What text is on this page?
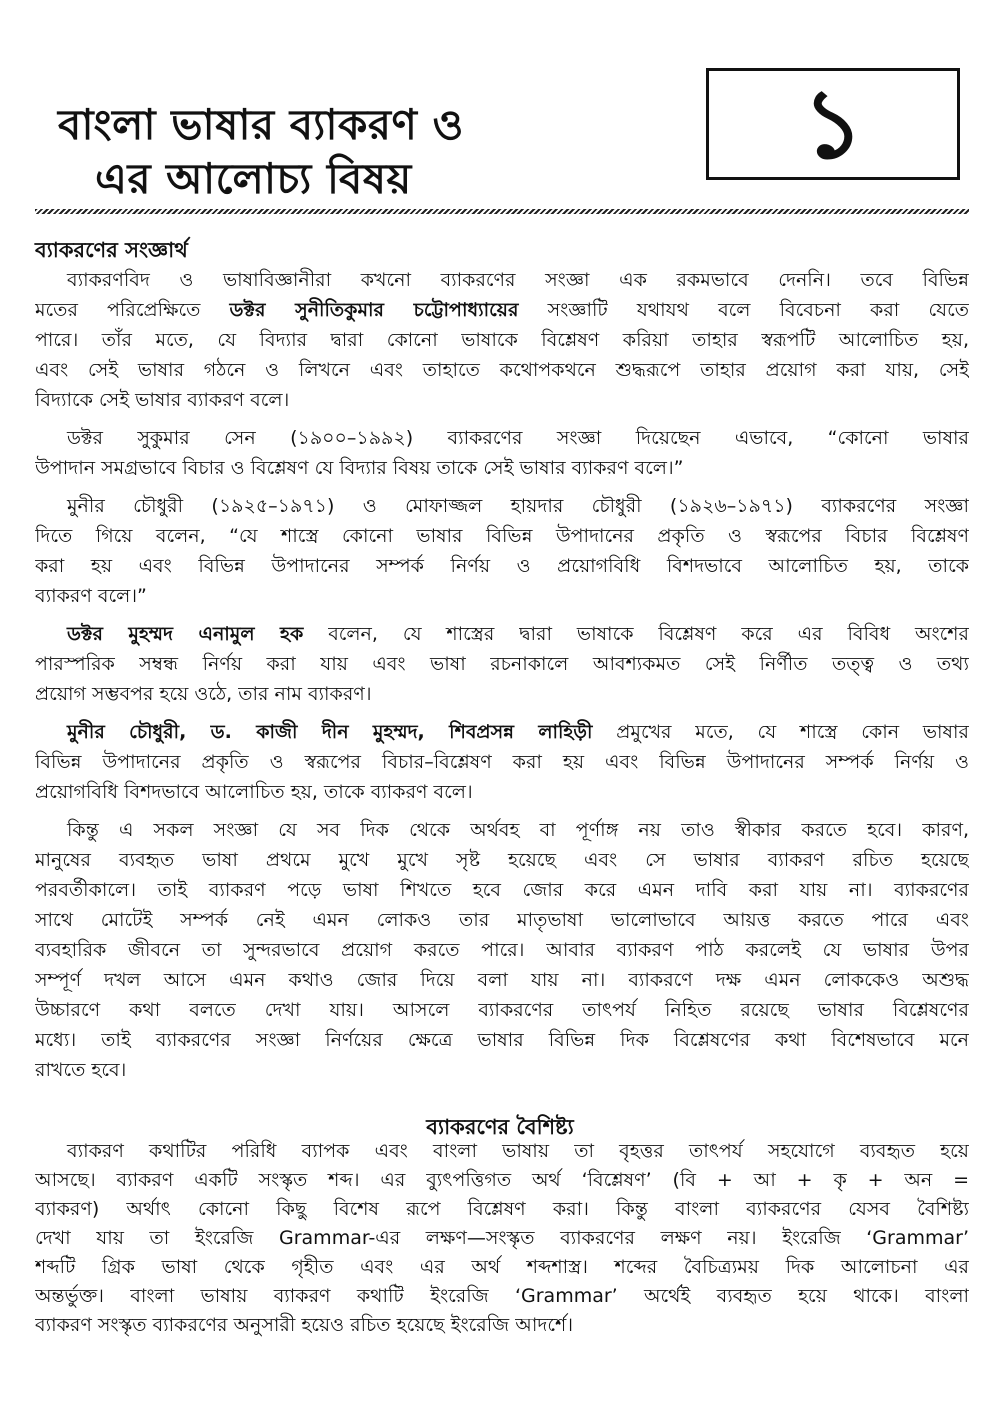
বাংলা ভাষার ব্যাকরণ ও
এর আলোচ্য বিষয়	১
ব্যাকরণের সংজ্ঞার্থ
ব্যাকরণবিদ ও ভাষাবিজ্ঞানীরা কখনো ব্যাকরণের সংজ্ঞা এক রকমভাবে দেননি। তবে বিভিন্ন
মতের পরিপ্রেক্ষিতে ডক্টর সুনীতিকুমার চট্টোপাধ্যায়ের সংজ্ঞাটি যথাযথ বলে বিবেচনা করা যেতে
পারে। তাঁর মতে, যে বিদ্যার দ্বারা কোনো ভাষাকে বিশ্লেষণ করিয়া তাহার স্বরূপটি আলোচিত হয়,
এবং সেই ভাষার গঠনে ও লিখনে এবং তাহাতে কথোপকথনে শুদ্ধরূপে তাহার প্রয়োগ করা যায়, সেই
বিদ্যাকে সেই ভাষার ব্যাকরণ বলে।
ডক্টর সুকুমার সেন (১৯০০–১৯৯২) ব্যাকরণের সংজ্ঞা দিয়েছেন এভাবে, “কোনো ভাষার
উপাদান সমগ্রভাবে বিচার ও বিশ্লেষণ যে বিদ্যার বিষয় তাকে সেই ভাষার ব্যাকরণ বলে।”
মুনীর চৌধুরী (১৯২৫–১৯৭১) ও মোফাজ্জল হায়দার চৌধুরী (১৯২৬–১৯৭১) ব্যাকরণের সংজ্ঞা
দিতে গিয়ে বলেন, “যে শাস্ত্রে কোনো ভাষার বিভিন্ন উপাদানের প্রকৃতি ও স্বরূপের বিচার বিশ্লেষণ
করা হয় এবং বিভিন্ন উপাদানের সম্পর্ক নির্ণয় ও প্রয়োগবিধি বিশদভাবে আলোচিত হয়, তাকে
ব্যাকরণ বলে।”
ডক্টর মুহম্মদ এনামুল হক বলেন, যে শাস্ত্রের দ্বারা ভাষাকে বিশ্লেষণ করে এর বিবিধ অংশের
পারস্পরিক সম্বন্ধ নির্ণয় করা যায় এবং ভাষা রচনাকালে আবশ্যকমত সেই নির্ণীত তত্ত্ব ও তথ্য
প্রয়োগ সম্ভবপর হয়ে ওঠে, তার নাম ব্যাকরণ।
মুনীর চৌধুরী, ড. কাজী দীন মুহম্মদ, শিবপ্রসন্ন লাহিড়ী প্রমুখের মতে, যে শাস্ত্রে কোন ভাষার
বিভিন্ন উপাদানের প্রকৃতি ও স্বরূপের বিচার–বিশ্লেষণ করা হয় এবং বিভিন্ন উপাদানের সম্পর্ক নির্ণয় ও
প্রয়োগবিধি বিশদভাবে আলোচিত হয়, তাকে ব্যাকরণ বলে।
কিন্তু এ সকল সংজ্ঞা যে সব দিক থেকে অর্থবহ বা পূর্ণাঙ্গ নয় তাও স্বীকার করতে হবে। কারণ,
মানুষের ব্যবহৃত ভাষা প্রথমে মুখে মুখে সৃষ্ট হয়েছে এবং সে ভাষার ব্যাকরণ রচিত হয়েছে
পরবর্তীকালে। তাই ব্যাকরণ পড়ে ভাষা শিখতে হবে জোর করে এমন দাবি করা যায় না। ব্যাকরণের
সাথে মোটেই সম্পর্ক নেই এমন লোকও তার মাতৃভাষা ভালোভাবে আয়ত্ত করতে পারে এবং
ব্যবহারিক জীবনে তা সুন্দরভাবে প্রয়োগ করতে পারে। আবার ব্যাকরণ পাঠ করলেই যে ভাষার উপর
সম্পূর্ণ দখল আসে এমন কথাও জোর দিয়ে বলা যায় না। ব্যাকরণে দক্ষ এমন লোককেও অশুদ্ধ
উচ্চারণে কথা বলতে দেখা যায়। আসলে ব্যাকরণের তাৎপর্য নিহিত রয়েছে ভাষার বিশ্লেষণের
মধ্যে। তাই ব্যাকরণের সংজ্ঞা নির্ণয়ের ক্ষেত্রে ভাষার বিভিন্ন দিক বিশ্লেষণের কথা বিশেষভাবে মনে
রাখতে হবে।
ব্যাকরণের বৈশিষ্ট্য
ব্যাকরণ কথাটির পরিধি ব্যাপক এবং বাংলা ভাষায় তা বৃহত্তর তাৎপর্য সহযোগে ব্যবহৃত হয়ে
আসছে। ব্যাকরণ একটি সংস্কৃত শব্দ। এর ব্যুৎপত্তিগত অর্থ ‘বিশ্লেষণ’ (বি + আ + কৃ + অন =
ব্যাকরণ) অর্থাৎ কোনো কিছু বিশেষ রূপে বিশ্লেষণ করা। কিন্তু বাংলা ব্যাকরণের যেসব বৈশিষ্ট্য
দেখা যায় তা ইংরেজি Grammar-এর লক্ষণ—সংস্কৃত ব্যাকরণের লক্ষণ নয়। ইংরেজি ‘Grammar’
শব্দটি গ্রিক ভাষা থেকে গৃহীত এবং এর অর্থ শব্দশাস্ত্র। শব্দের বৈচিত্র্যময় দিক আলোচনা এর
অন্তর্ভুক্ত। বাংলা ভাষায় ব্যাকরণ কথাটি ইংরেজি ‘Grammar’ অর্থেই ব্যবহৃত হয়ে থাকে। বাংলা
ব্যাকরণ সংস্কৃত ব্যাকরণের অনুসারী হয়েও রচিত হয়েছে ইংরেজি আদর্শে।
